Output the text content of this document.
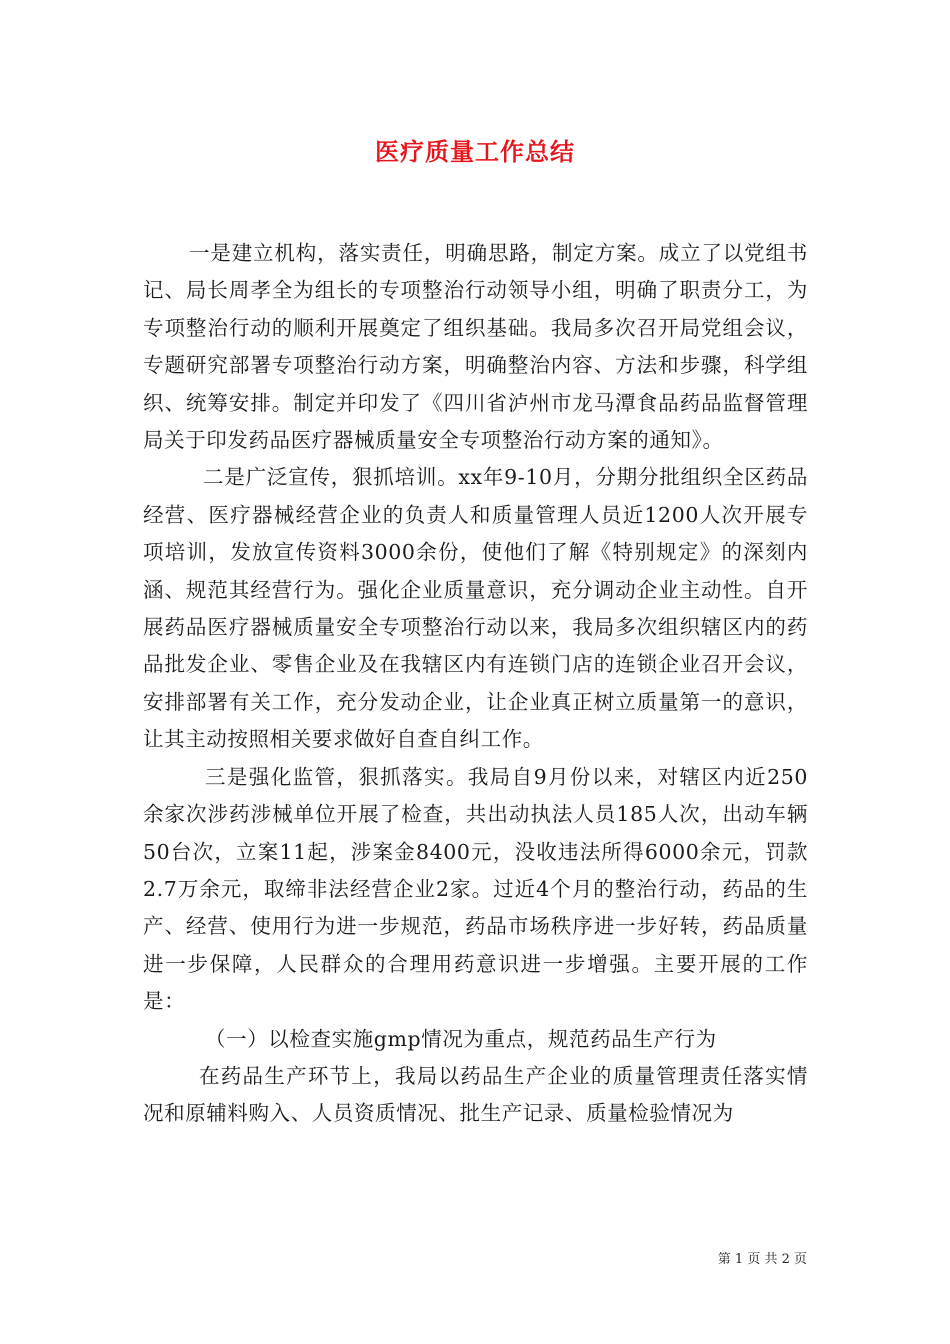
医疗质量工作总结

一是建立机构，落实责任，明确思路，制定方案。成立了以党组书记、局长周孝全为组长的专项整治行动领导小组，明确了职责分工，为专项整治行动的顺利开展奠定了组织基础。我局多次召开局党组会议，专题研究部署专项整治行动方案，明确整治内容、方法和步骤，科学组织、统筹安排。制定并印发了《四川省泸州市龙马潭食品药品监督管理局关于印发药品医疗器械质量安全专项整治行动方案的通知》。

二是广泛宣传，狠抓培训。xx年9-10月，分期分批组织全区药品经营、医疗器械经营企业的负责人和质量管理人员近1200人次开展专项培训，发放宣传资料3000余份，使他们了解《特别规定》的深刻内涵、规范其经营行为。强化企业质量意识，充分调动企业主动性。自开展药品医疗器械质量安全专项整治行动以来，我局多次组织辖区内的药品批发企业、零售企业及在我辖区内有连锁门店的连锁企业召开会议，安排部署有关工作，充分发动企业，让企业真正树立质量第一的意识，让其主动按照相关要求做好自查自纠工作。

三是强化监管，狠抓落实。我局自9月份以来，对辖区内近250余家次涉药涉械单位开展了检查，共出动执法人员185人次，出动车辆50台次，立案11起，涉案金8400元，没收违法所得6000余元，罚款2.7万余元，取缔非法经营企业2家。过近4个月的整治行动，药品的生产、经营、使用行为进一步规范，药品市场秩序进一步好转，药品质量进一步保障，人民群众的合理用药意识进一步增强。主要开展的工作是：

（一）以检查实施gmp情况为重点，规范药品生产行为

在药品生产环节上，我局以药品生产企业的质量管理责任落实情况和原辅料购入、人员资质情况、批生产记录、质量检验情况为

第 1 页 共 2 页
